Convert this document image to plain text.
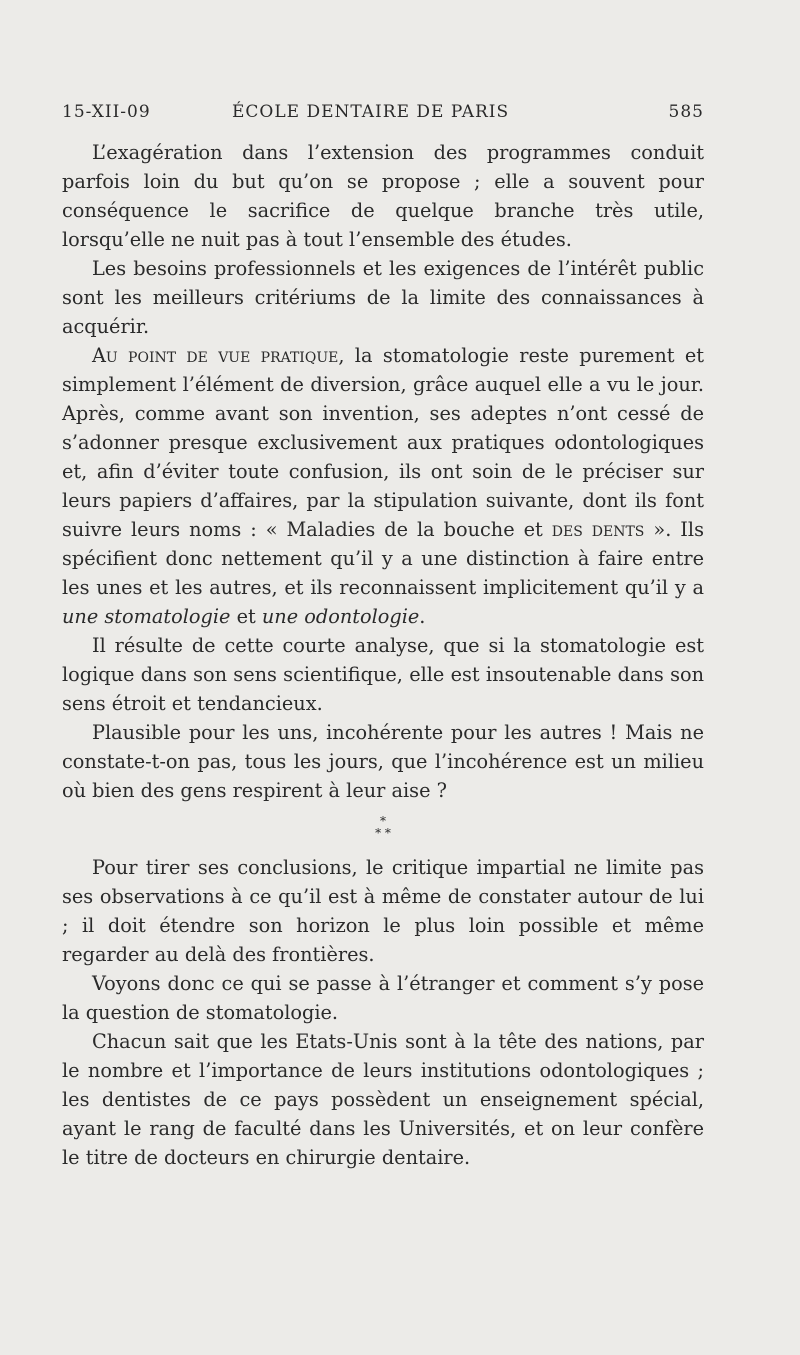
15-XII-09	ÉCOLE DENTAIRE DE PARIS	585

L’exagération dans l’extension des programmes conduit parfois loin du but qu’on se propose ; elle a souvent pour conséquence le sacrifice de quelque branche très utile, lorsqu’elle ne nuit pas à tout l’ensemble des études.

Les besoins professionnels et les exigences de l’intérêt public sont les meilleurs critériums de la limite des connaissances à acquérir.

Au point de vue pratique, la stomatologie reste purement et simplement l’élément de diversion, grâce auquel elle a vu le jour. Après, comme avant son invention, ses adeptes n’ont cessé de s’adonner presque exclusivement aux pratiques odontologiques et, afin d’éviter toute confusion, ils ont soin de le préciser sur leurs papiers d’affaires, par la stipulation suivante, dont ils font suivre leurs noms : « Maladies de la bouche et des dents ». Ils spécifient donc nettement qu’il y a une distinction à faire entre les unes et les autres, et ils reconnaissent implicitement qu’il y a une stomatologie et une odontologie.

Il résulte de cette courte analyse, que si la stomatologie est logique dans son sens scientifique, elle est insoutenable dans son sens étroit et tendancieux.

Plausible pour les uns, incohérente pour les autres ! Mais ne constate-t-on pas, tous les jours, que l’incohérence est un milieu où bien des gens respirent à leur aise ?

*
* *

Pour tirer ses conclusions, le critique impartial ne limite pas ses observations à ce qu’il est à même de constater autour de lui ; il doit étendre son horizon le plus loin possible et même regarder au delà des frontières.

Voyons donc ce qui se passe à l’étranger et comment s’y pose la question de stomatologie.

Chacun sait que les Etats-Unis sont à la tête des nations, par le nombre et l’importance de leurs institutions odontologiques ; les dentistes de ce pays possèdent un enseignement spécial, ayant le rang de faculté dans les Universités, et on leur confère le titre de docteurs en chirurgie dentaire.
